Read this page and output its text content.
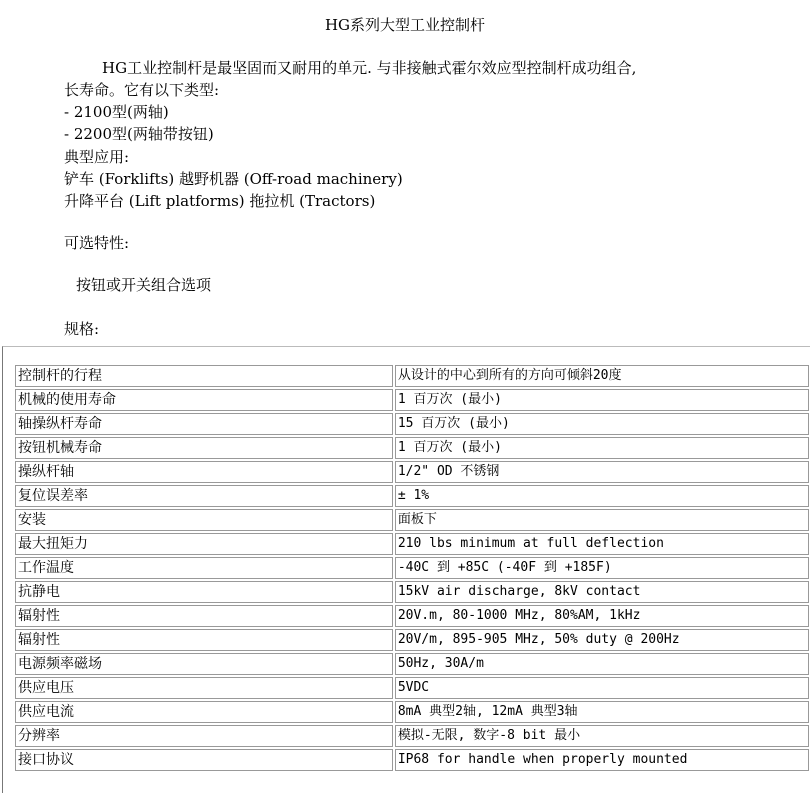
HG系列大型工业控制杆
HG工业控制杆是最坚固而又耐用的单元. 与非接触式霍尔效应型控制杆成功组合,
长寿命。它有以下类型:
- 2100型(两轴)
- 2200型(两轴带按钮)
典型应用:
铲车 (Forklifts) 越野机器 (Off-road machinery)
升降平台 (Lift platforms) 拖拉机 (Tractors)
可选特性:
按钮或开关组合选项
规格:
控制杆的行程	从设计的中心到所有的方向可倾斜20度
机械的使用寿命	1 百万次 (最小)
轴操纵杆寿命	15 百万次 (最小)
按钮机械寿命	1 百万次 (最小)
操纵杆轴	1/2" OD 不锈钢
复位误差率	± 1%
安装	面板下
最大扭矩力	210 lbs minimum at full deflection
工作温度	-40C 到 +85C (-40F 到 +185F)
抗静电	15kV air discharge, 8kV contact
辐射性	20V.m, 80-1000 MHz, 80%AM, 1kHz
辐射性	20V/m, 895-905 MHz, 50% duty @ 200Hz
电源频率磁场	50Hz, 30A/m
供应电压	5VDC
供应电流	8mA 典型2轴, 12mA 典型3轴
分辨率	模拟-无限, 数字-8 bit 最小
接口协议	IP68 for handle when properly mounted
